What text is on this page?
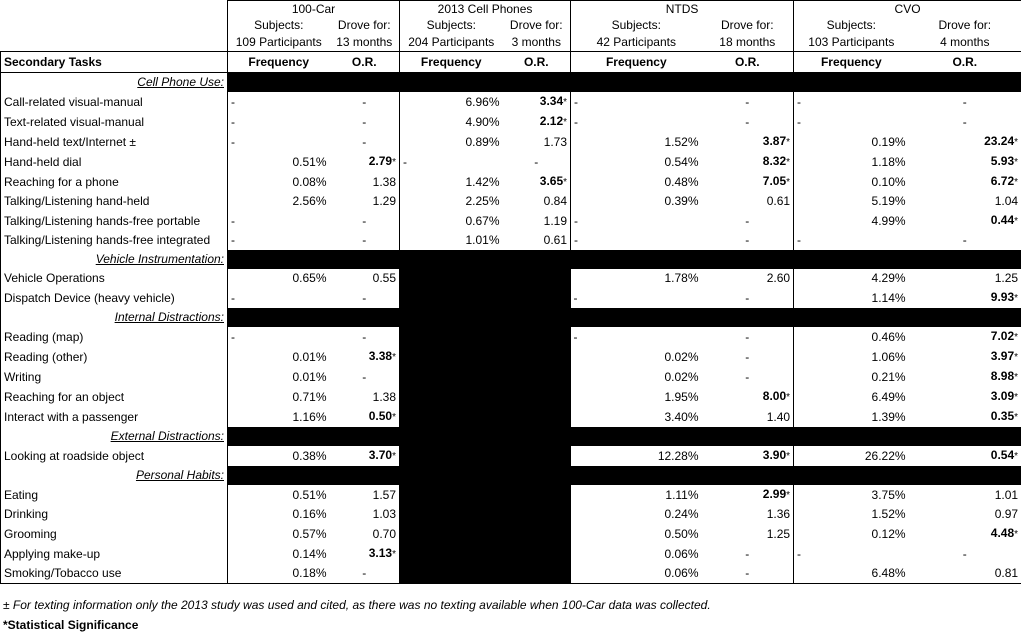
	100-Car		2013 Cell Phones		NTDS		CVO	
	Subjects:	Drove for:	Subjects:	Drove for:	Subjects:	Drove for:	Subjects:	Drove for:
	109 Participants	13 months	204 Participants	3 months	42 Participants	18 months	103 Participants	4 months
Secondary Tasks	Frequency	O.R.	Frequency	O.R.	Frequency	O.R.	Frequency	O.R.
Cell Phone Use:								
Call-related visual-manual	-	-	6.96%	3.34*	-	-	-	-
Text-related visual-manual	-	-	4.90%	2.12*	-	-	-	-
Hand-held text/Internet ±	-	-	0.89%	1.73	1.52%	3.87*	0.19%	23.24*
Hand-held dial	0.51%	2.79*	-	-	0.54%	8.32*	1.18%	5.93*
Reaching for a phone	0.08%	1.38	1.42%	3.65*	0.48%	7.05*	0.10%	6.72*
Talking/Listening hand-held	2.56%	1.29	2.25%	0.84	0.39%	0.61	5.19%	1.04
Talking/Listening hands-free portable	-	-	0.67%	1.19	-	-	4.99%	0.44*
Talking/Listening hands-free integrated	-	-	1.01%	0.61	-	-	-	-
Vehicle Instrumentation:								
Vehicle Operations	0.65%	0.55			1.78%	2.60	4.29%	1.25
Dispatch Device (heavy vehicle)	-	-			-	-	1.14%	9.93*
Internal Distractions:								
Reading (map)	-	-			-	-	0.46%	7.02*
Reading (other)	0.01%	3.38*			0.02%	-	1.06%	3.97*
Writing	0.01%	-			0.02%	-	0.21%	8.98*
Reaching for an object	0.71%	1.38			1.95%	8.00*	6.49%	3.09*
Interact with a passenger	1.16%	0.50*			3.40%	1.40	1.39%	0.35*
External Distractions:								
Looking at roadside object	0.38%	3.70*			12.28%	3.90*	26.22%	0.54*
Personal Habits:								
Eating	0.51%	1.57			1.11%	2.99*	3.75%	1.01
Drinking	0.16%	1.03			0.24%	1.36	1.52%	0.97
Grooming	0.57%	0.70			0.50%	1.25	0.12%	4.48*
Applying make-up	0.14%	3.13*			0.06%	-	-	-
Smoking/Tobacco use	0.18%	-			0.06%	-	6.48%	0.81
± For texting information only the 2013 study was used and cited, as there was no texting available when 100-Car data was collected.
*Statistical Significance
